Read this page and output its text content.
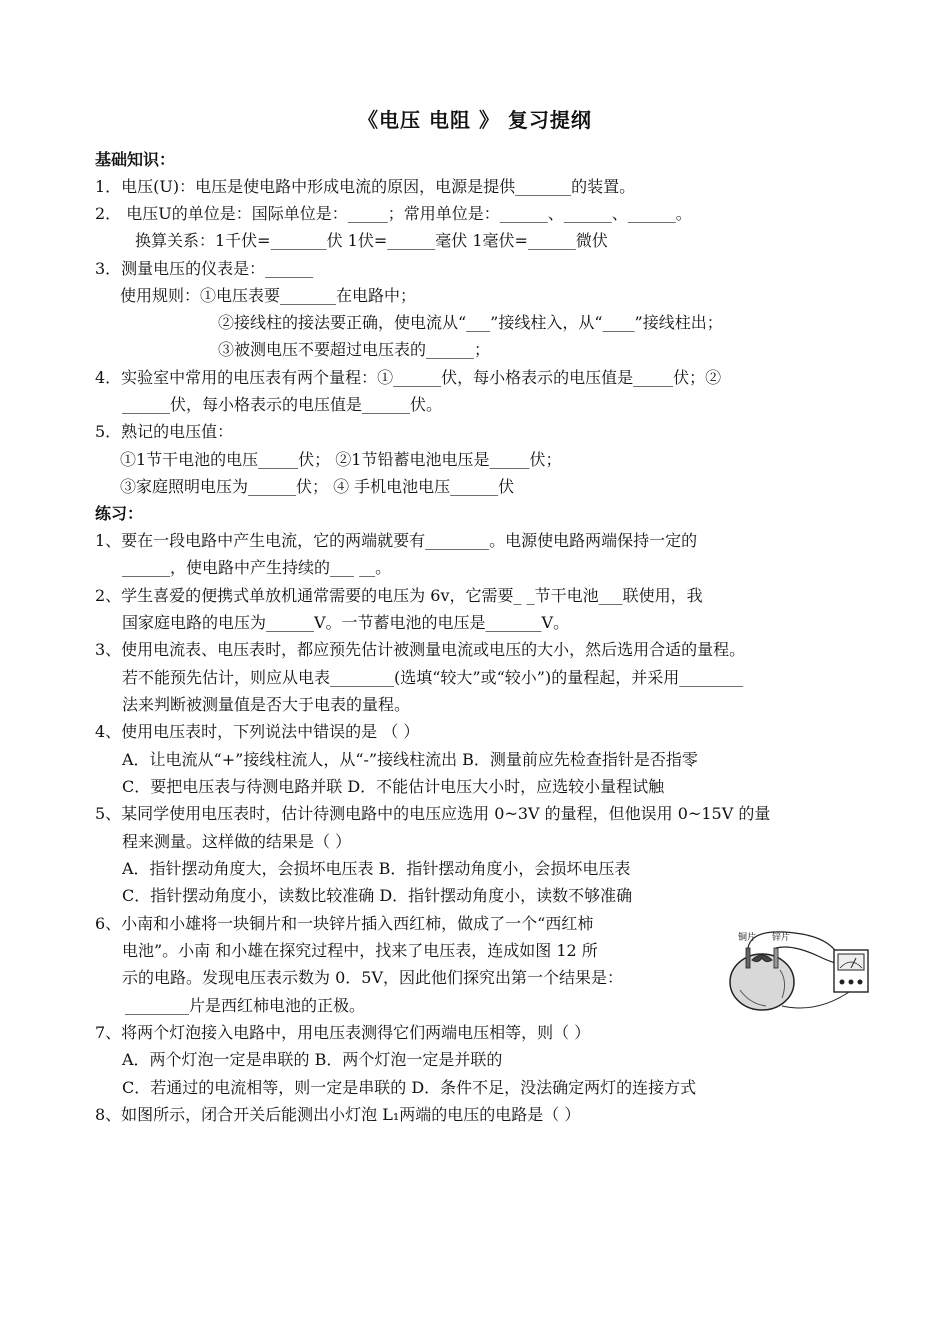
《电压 电阻 》 复习提纲
基础知识：
1．电压(U)：电压是使电路中形成电流的原因，电源是提供_______的装置。
2． 电压U的单位是：国际单位是：_____；常用单位是：______、______、______。
换算关系：1千伏=_______伏 1伏=______毫伏 1毫伏=______微伏
3．测量电压的仪表是：______
使用规则：①电压表要_______在电路中；
②接线柱的接法要正确，使电流从“___”接线柱入，从“____”接线柱出；
③被测电压不要超过电压表的______；
4．实验室中常用的电压表有两个量程：①______伏，每小格表示的电压值是_____伏；②
______伏，每小格表示的电压值是______伏。
5．熟记的电压值：
①1节干电池的电压_____伏； ②1节铅蓄电池电压是_____伏；
③家庭照明电压为______伏； ④ 手机电池电压______伏
练习：
1、要在一段电路中产生电流，它的两端就要有________。电源使电路两端保持一定的
______，使电路中产生持续的___ __。
2、学生喜爱的便携式单放机通常需要的电压为 6v，它需要_ _节干电池___联使用，我
国家庭电路的电压为______V。一节蓄电池的电压是_______V。
3、使用电流表、电压表时，都应预先估计被测量电流或电压的大小，然后选用合适的量程。
若不能预先估计，则应从电表________(选填“较大”或“较小”)的量程起，并采用________
法来判断被测量值是否大于电表的量程。
4、使用电压表时，下列说法中错误的是 （ ）
A．让电流从“+”接线柱流人，从“-”接线柱流出 B．测量前应先检查指针是否指零
C．要把电压表与待测电路并联 D．不能估计电压大小时，应选较小量程试触
5、某同学使用电压表时，估计待测电路中的电压应选用 0~3V 的量程，但他误用 0~15V 的量
程来测量。这样做的结果是（ ）
A．指针摆动角度大，会损坏电压表 B．指针摆动角度小，会损坏电压表
C．指针摆动角度小，读数比较准确 D．指针摆动角度小，读数不够准确
6、小南和小雄将一块铜片和一块锌片插入西红柿，做成了一个“西红柿
电池”。小南 和小雄在探究过程中，找来了电压表，连成如图 12 所
示的电路。发现电压表示数为 0．5V，因此他们探究出第一个结果是：
________片是西红柿电池的正极。
7、将两个灯泡接入电路中，用电压表测得它们两端电压相等，则（ ）
A．两个灯泡一定是串联的 B．两个灯泡一定是并联的
C．若通过的电流相等，则一定是串联的 D．条件不足，没法确定两灯的连接方式
8、如图所示，闭合开关后能测出小灯泡 L₁两端的电压的电路是（ ）
铜片 锌片
